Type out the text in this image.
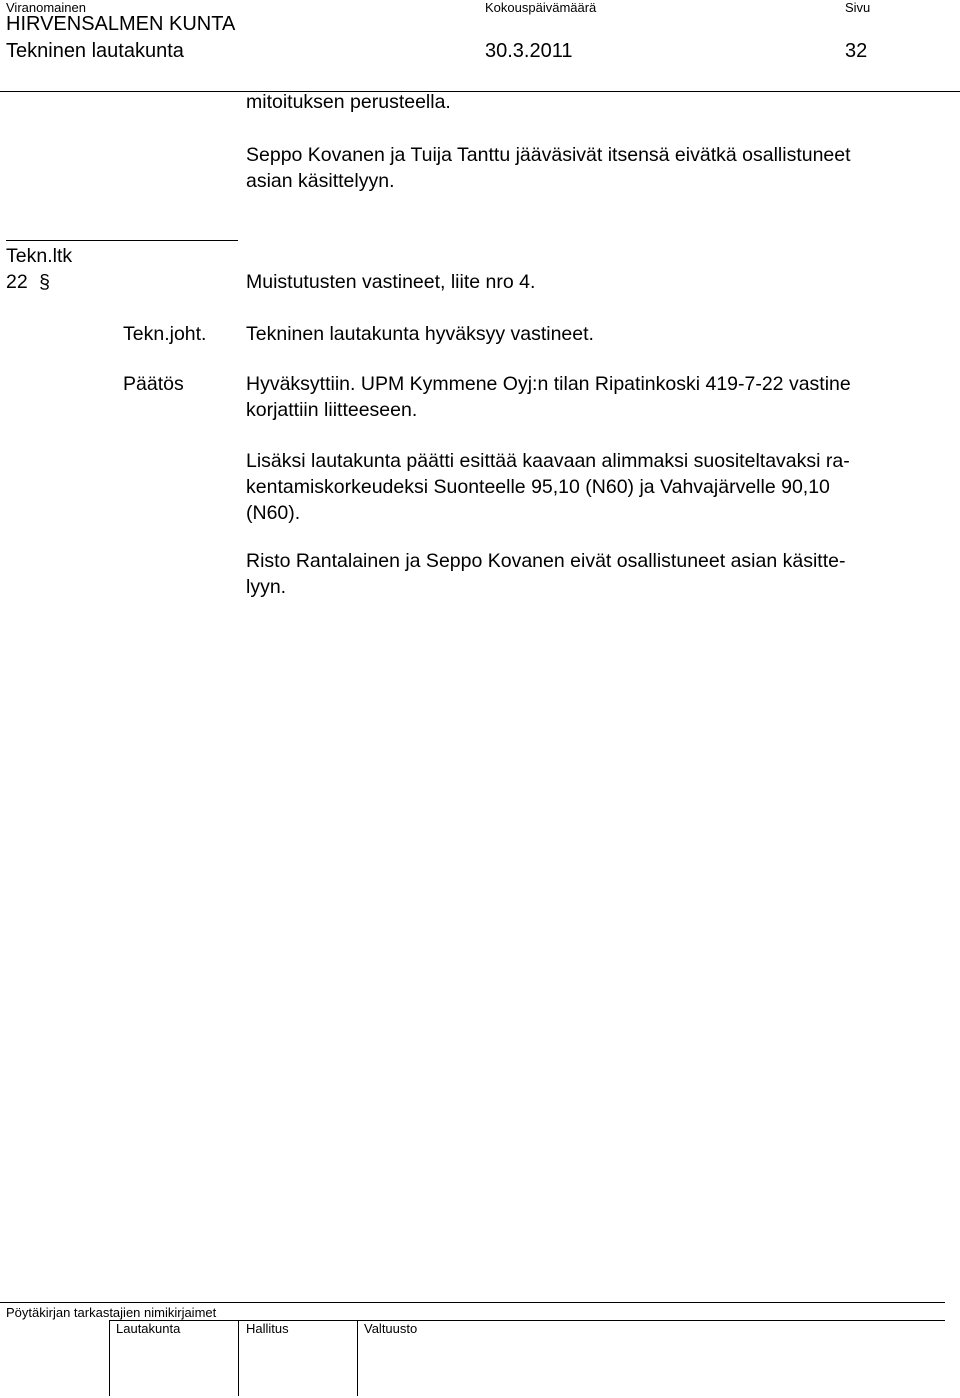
Viranomainen	Kokouspäivämäärä	Sivu
HIRVENSALMEN KUNTA
Tekninen lautakunta	30.3.2011	32
mitoituksen perusteella.
Seppo Kovanen ja Tuija Tanttu jääväsivät itsensä eivätkä osallistuneet
asian käsittelyyn.
Tekn.ltk
22 §	Muistutusten vastineet, liite nro 4.
Tekn.joht. Tekninen lautakunta hyväksyy vastineet.
Päätös	Hyväksyttiin. UPM Kymmene Oyj:n tilan Ripatinkoski 419-7-22 vastine
korjattiin liitteeseen.
Lisäksi lautakunta päätti esittää kaavaan alimmaksi suositeltavaksi ra-
kentamiskorkeudeksi Suonteelle 95,10 (N60) ja Vahvajärvelle 90,10
(N60).
Risto Rantalainen ja Seppo Kovanen eivät osallistuneet asian käsitte-
lyyn.
Pöytäkirjan tarkastajien nimikirjaimet
Lautakunta	Hallitus	Valtuusto
